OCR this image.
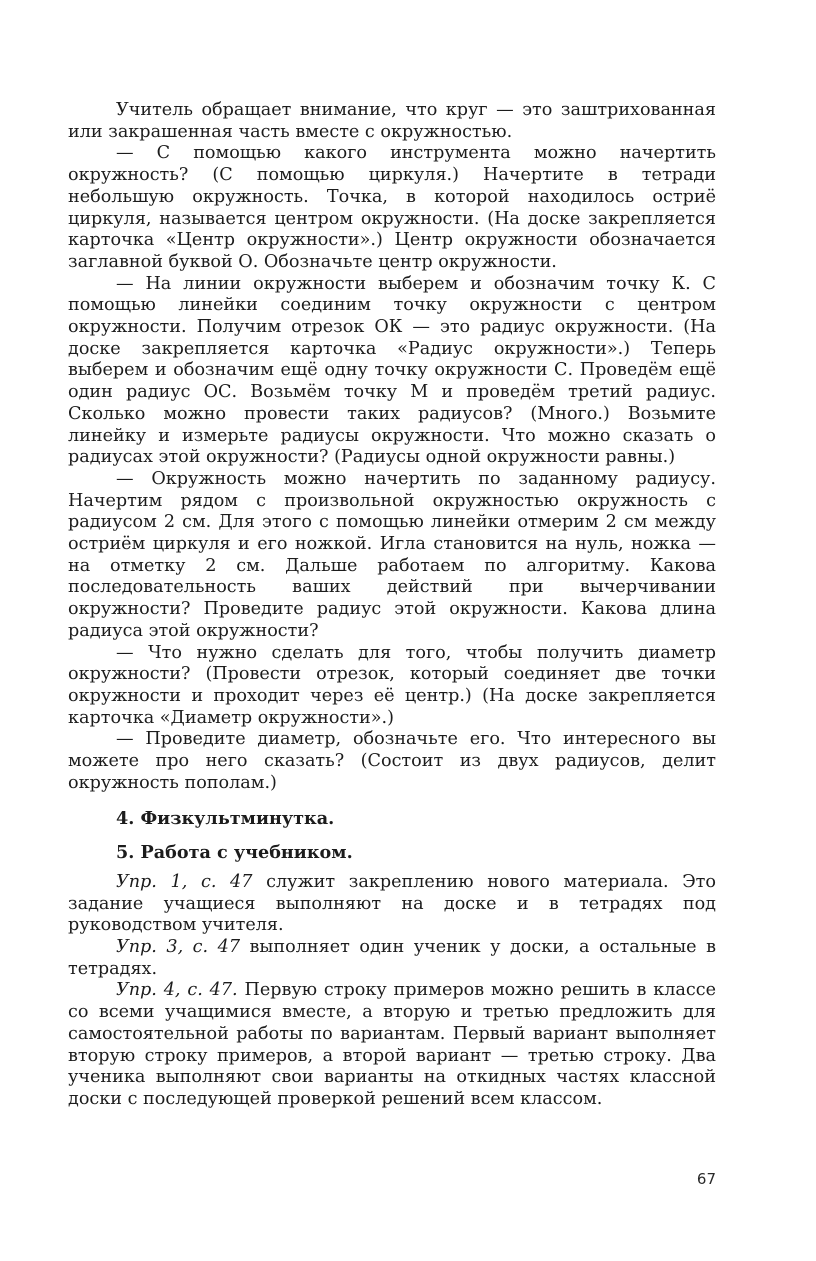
Учитель обращает внимание, что круг — это заштрихованная или закрашенная часть вместе с окружностью.

— С помощью какого инструмента можно начертить окружность? (С помощью циркуля.) Начертите в тетради небольшую окружность. Точка, в которой находилось остриё циркуля, называется центром окружности. (На доске закрепляется карточка «Центр окружности».) Центр окружности обозначается заглавной буквой О. Обозначьте центр окружности.

— На линии окружности выберем и обозначим точку К. С помощью линейки соединим точку окружности с центром окружности. Получим отрезок ОК — это радиус окружности. (На доске закрепляется карточка «Радиус окружности».) Теперь выберем и обозначим ещё одну точку окружности С. Проведём ещё один радиус ОС. Возьмём точку М и проведём третий радиус. Сколько можно провести таких радиусов? (Много.) Возьмите линейку и измерьте радиусы окружности. Что можно сказать о радиусах этой окружности? (Радиусы одной окружности равны.)

— Окружность можно начертить по заданному радиусу. Начертим рядом с произвольной окружностью окружность с радиусом 2 см. Для этого с помощью линейки отмерим 2 см между остриём циркуля и его ножкой. Игла становится на нуль, ножка — на отметку 2 см. Дальше работаем по алгоритму. Какова последовательность ваших действий при вычерчивании окружности? Проведите радиус этой окружности. Какова длина радиуса этой окружности?

— Что нужно сделать для того, чтобы получить диаметр окружности? (Провести отрезок, который соединяет две точки окружности и проходит через её центр.) (На доске закрепляется карточка «Диаметр окружности».)

— Проведите диаметр, обозначьте его. Что интересного вы можете про него сказать? (Состоит из двух радиусов, делит окружность пополам.)

4. Физкультминутка.

5. Работа с учебником.

Упр. 1, с. 47 служит закреплению нового материала. Это задание учащиеся выполняют на доске и в тетрадях под руководством учителя.

Упр. 3, с. 47 выполняет один ученик у доски, а остальные в тетрадях.

Упр. 4, с. 47. Первую строку примеров можно решить в классе со всеми учащимися вместе, а вторую и третью предложить для самостоятельной работы по вариантам. Первый вариант выполняет вторую строку примеров, а второй вариант — третью строку. Два ученика выполняют свои варианты на откидных частях классной доски с последующей проверкой решений всем классом.

67
